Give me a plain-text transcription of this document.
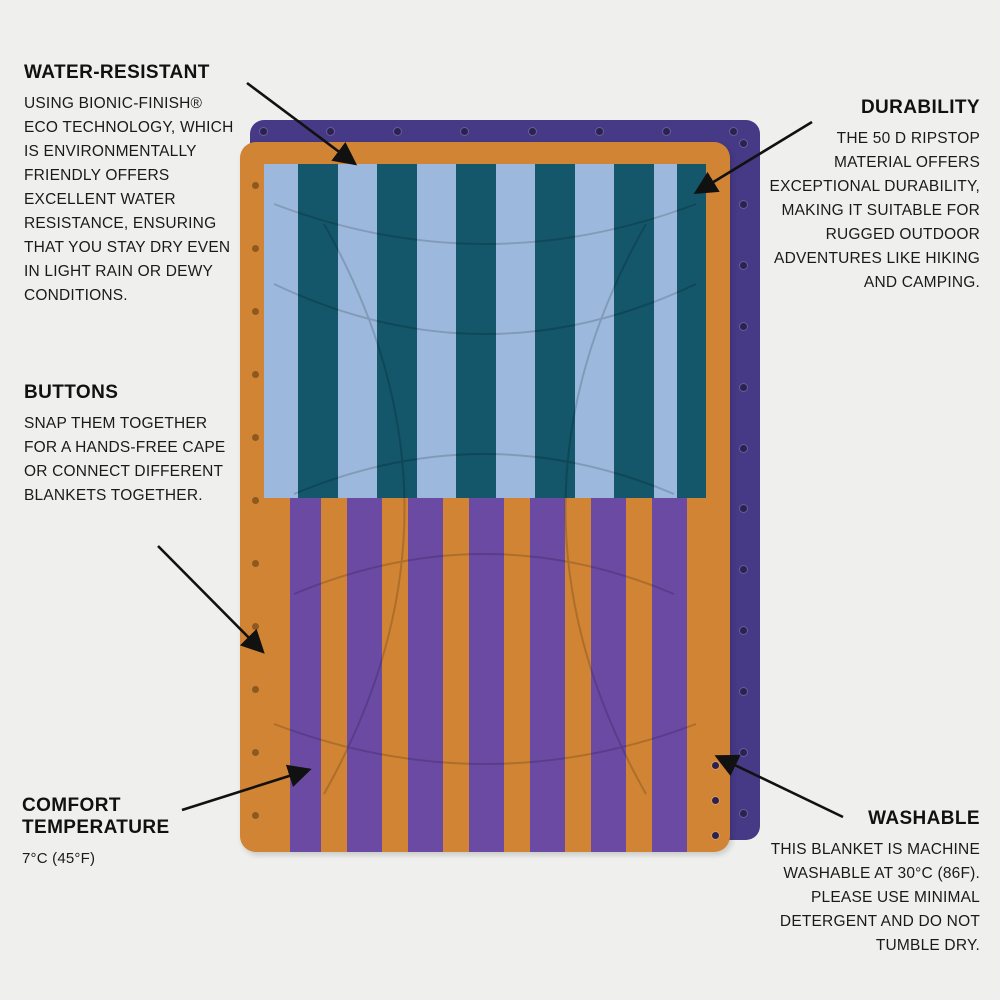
WATER-RESISTANT

USING BIONIC-FINISH® ECO TECHNOLOGY, WHICH IS ENVIRONMENTALLY FRIENDLY OFFERS EXCELLENT WATER RESISTANCE, ENSURING THAT YOU STAY DRY EVEN IN LIGHT RAIN OR DEWY CONDITIONS.

BUTTONS

SNAP THEM TOGETHER FOR A HANDS-FREE CAPE OR CONNECT DIFFERENT BLANKETS TOGETHER.

COMFORT TEMPERATURE

7°C (45°F)

DURABILITY

THE 50 D RIPSTOP MATERIAL OFFERS EXCEPTIONAL DURABILITY, MAKING IT SUITABLE FOR RUGGED OUTDOOR ADVENTURES LIKE HIKING AND CAMPING.

WASHABLE

THIS BLANKET IS MACHINE WASHABLE AT 30°C (86F). PLEASE USE MINIMAL DETERGENT AND DO NOT TUMBLE DRY.
